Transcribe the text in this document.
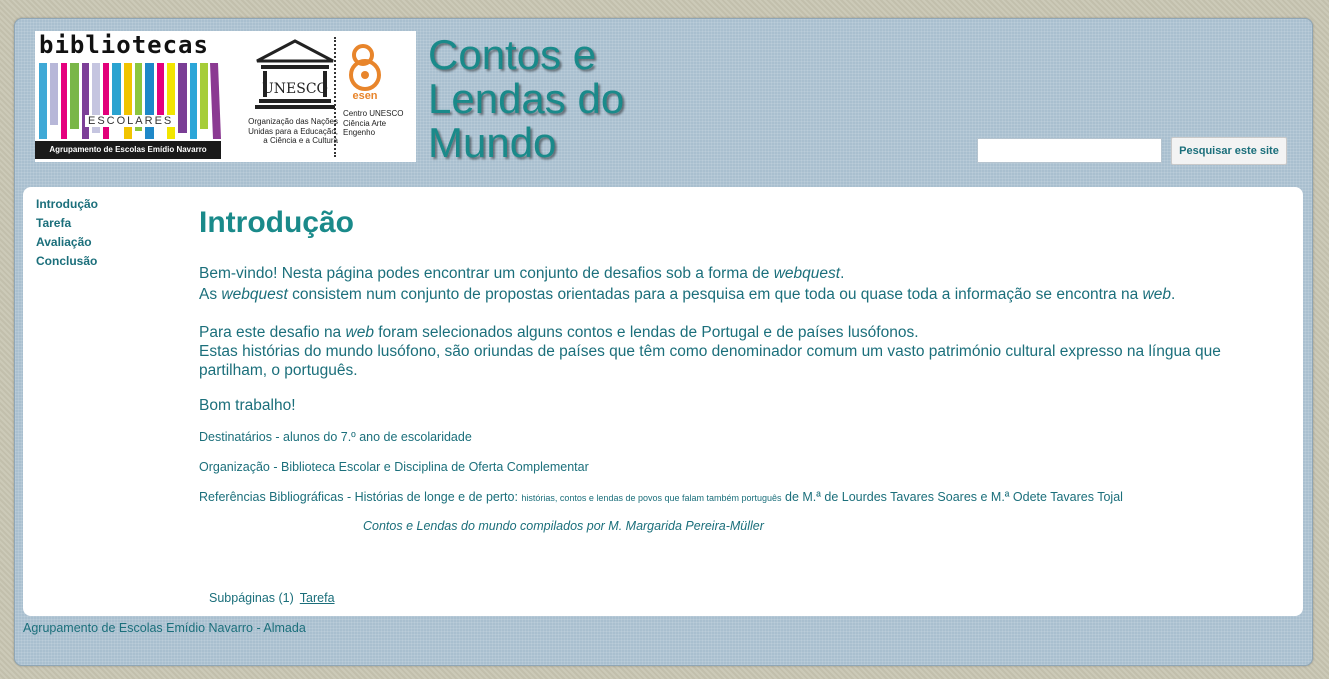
bibliotecas
ESCOLARES
Agrupamento de Escolas Emídio Navarro
UNESCO
Organização das Nações Unidas para a Educação, a Ciência e a Cultura
esen
Centro UNESCO Ciência Arte Engenho
Contos e Lendas do Mundo	Pesquisar este site
Introdução
Tarefa
Avaliação
Conclusão
Introdução
Bem-vindo! Nesta página podes encontrar um conjunto de desafios sob a forma de webquest.
As webquest consistem num conjunto de propostas orientadas para a pesquisa em que toda ou quase toda a informação se encontra na web.
Para este desafio na web foram selecionados alguns contos e lendas de Portugal e de países lusófonos.
Estas histórias do mundo lusófono, são oriundas de países que têm como denominador comum um vasto património cultural expresso na língua que partilham, o português.
Bom trabalho!
Destinatários - alunos do 7.º ano de escolaridade
Organização - Biblioteca Escolar e Disciplina de Oferta Complementar
Referências Bibliográficas - Histórias de longe e de perto: histórias, contos e lendas de povos que falam também português de M.ª de Lourdes Tavares Soares e M.ª Odete Tavares Tojal
Contos e Lendas do mundo compilados por M. Margarida Pereira-Müller
Subpáginas (1) Tarefa
Agrupamento de Escolas Emídio Navarro - Almada
